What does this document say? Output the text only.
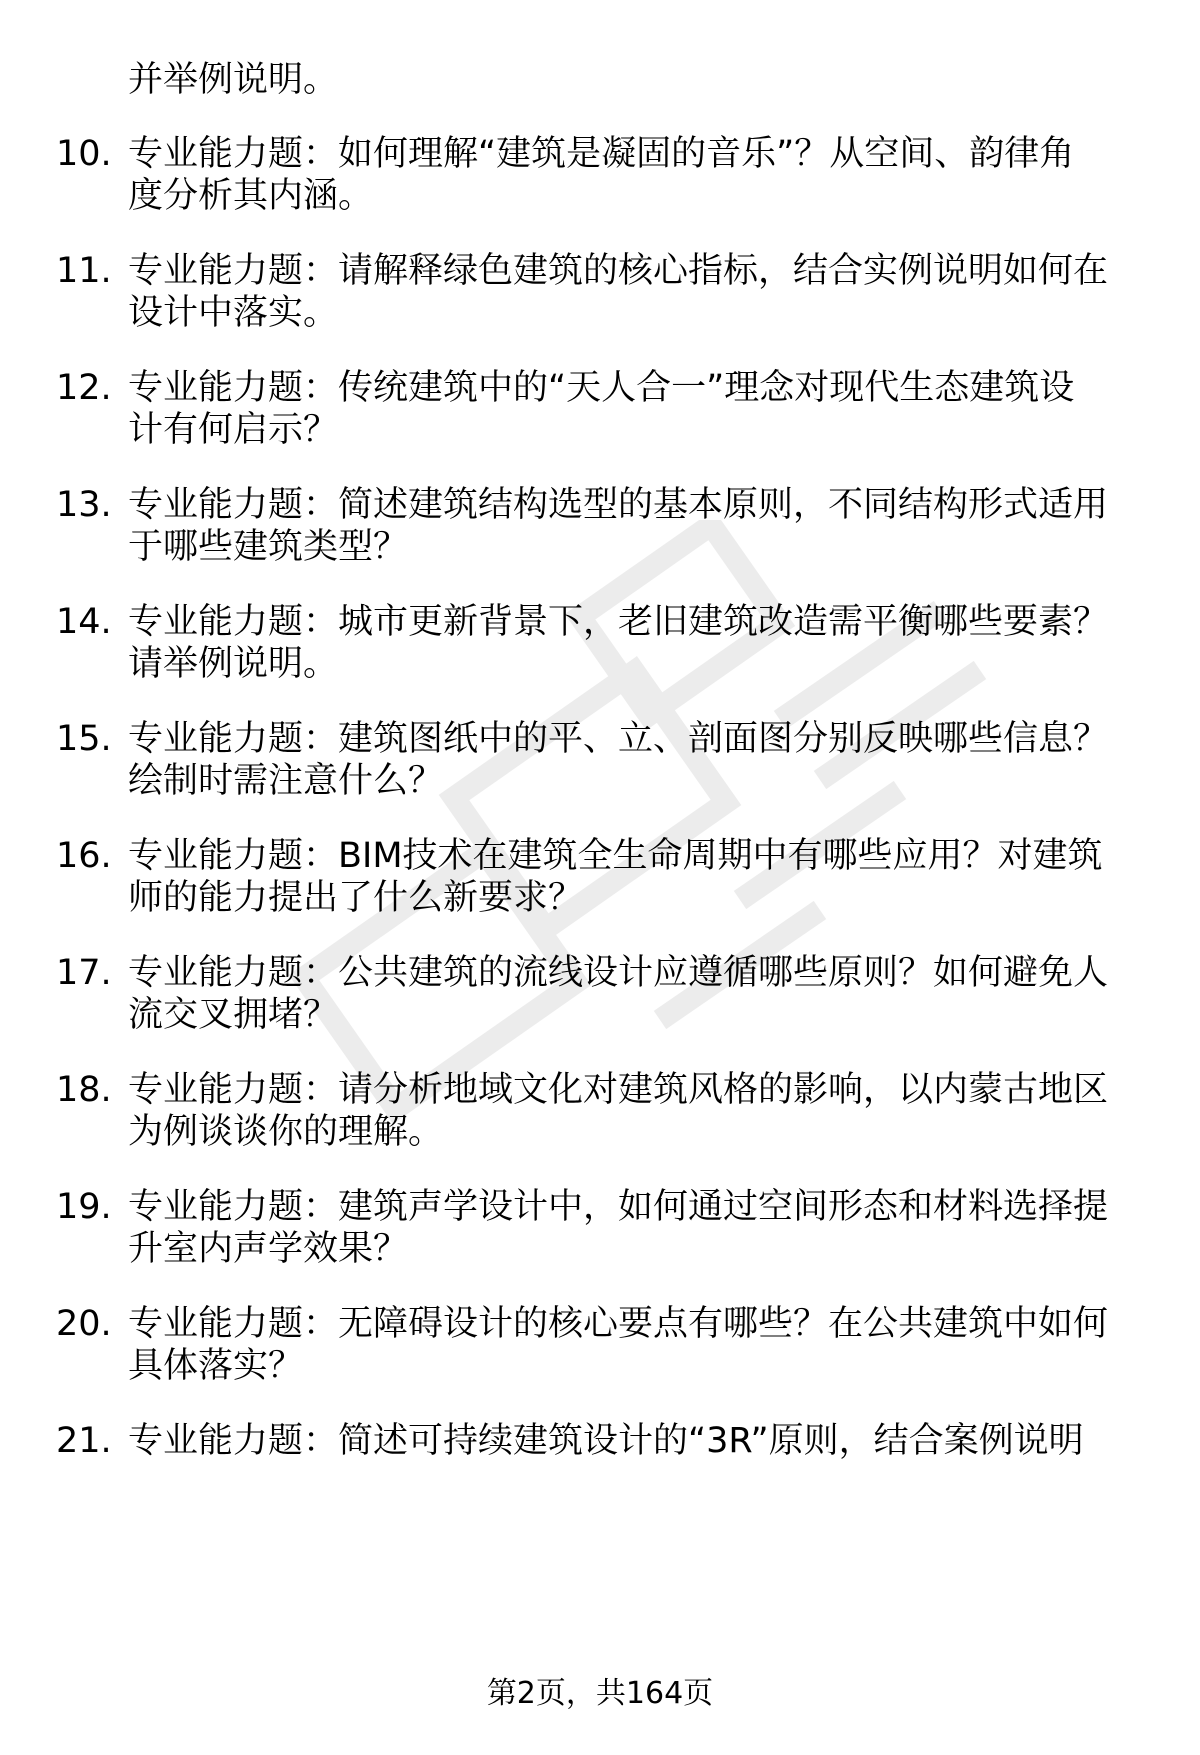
并举例说明。
10. 专业能力题：如何理解“建筑是凝固的音乐”？从空间、韵律角
度分析其内涵。
11. 专业能力题：请解释绿色建筑的核心指标，结合实例说明如何在
设计中落实。
12. 专业能力题：传统建筑中的“天人合一”理念对现代生态建筑设
计有何启示？
13. 专业能力题：简述建筑结构选型的基本原则，不同结构形式适用
于哪些建筑类型？
14. 专业能力题：城市更新背景下，老旧建筑改造需平衡哪些要素？
请举例说明。
15. 专业能力题：建筑图纸中的平、立、剖面图分别反映哪些信息？
绘制时需注意什么？
16. 专业能力题：BIM技术在建筑全生命周期中有哪些应用？对建筑
师的能力提出了什么新要求？
17. 专业能力题：公共建筑的流线设计应遵循哪些原则？如何避免人
流交叉拥堵？
18. 专业能力题：请分析地域文化对建筑风格的影响，以内蒙古地区
为例谈谈你的理解。
19. 专业能力题：建筑声学设计中，如何通过空间形态和材料选择提
升室内声学效果？
20. 专业能力题：无障碍设计的核心要点有哪些？在公共建筑中如何
具体落实？
21. 专业能力题：简述可持续建筑设计的“3R”原则，结合案例说明
第2页，共164页
